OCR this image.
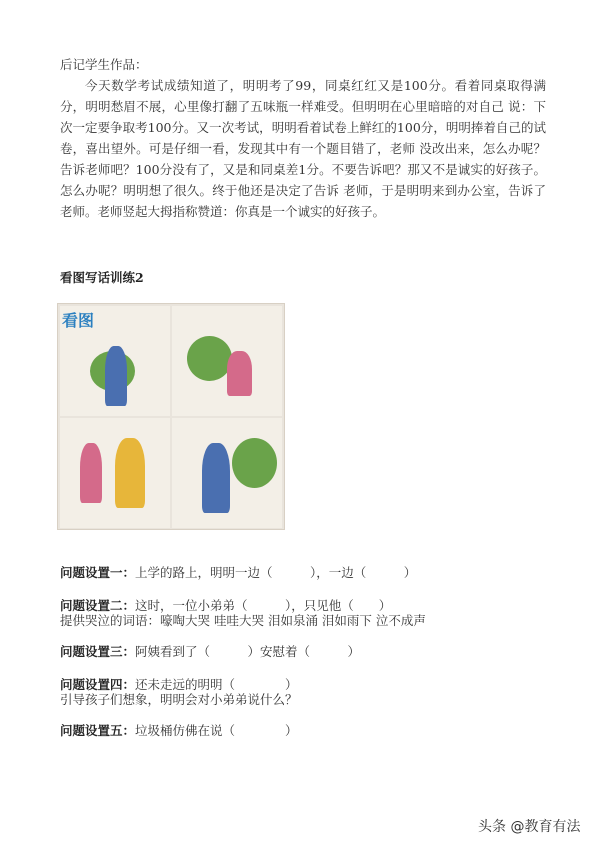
后记学生作品：
今天数学考试成绩知道了，明明考了99，同桌红红又是100分。看着同桌取得满分，明明愁眉不展，心里像打翻了五味瓶一样难受。但明明在心里暗暗的对自己 说：下次一定要争取考100分。又一次考试，明明看着试卷上鲜红的100分，明明捧着自己的试卷，喜出望外。可是仔细一看，发现其中有一个题目错了，老师 没改出来，怎么办呢？告诉老师吧？100分没有了，又是和同桌差1分。不要告诉吧？那又不是诚实的好孩子。怎么办呢？明明想了很久。终于他还是决定了告诉 老师，于是明明来到办公室，告诉了老师。老师竖起大拇指称赞道：你真是一个诚实的好孩子。
看图写话训练2
看图
问题设置一：上学的路上，明明一边（　　　），一边（　　　）
问题设置二：这时，一位小弟弟（　　　），只见他（　　）
提供哭泣的词语：嚎啕大哭 哇哇大哭 泪如泉涌 泪如雨下 泣不成声
问题设置三：阿姨看到了（　　　）安慰着（　　　）
问题设置四：还未走远的明明（　　　　）
引导孩子们想象，明明会对小弟弟说什么？
问题设置五：垃圾桶仿佛在说（　　　　）
头条 @教育有法
